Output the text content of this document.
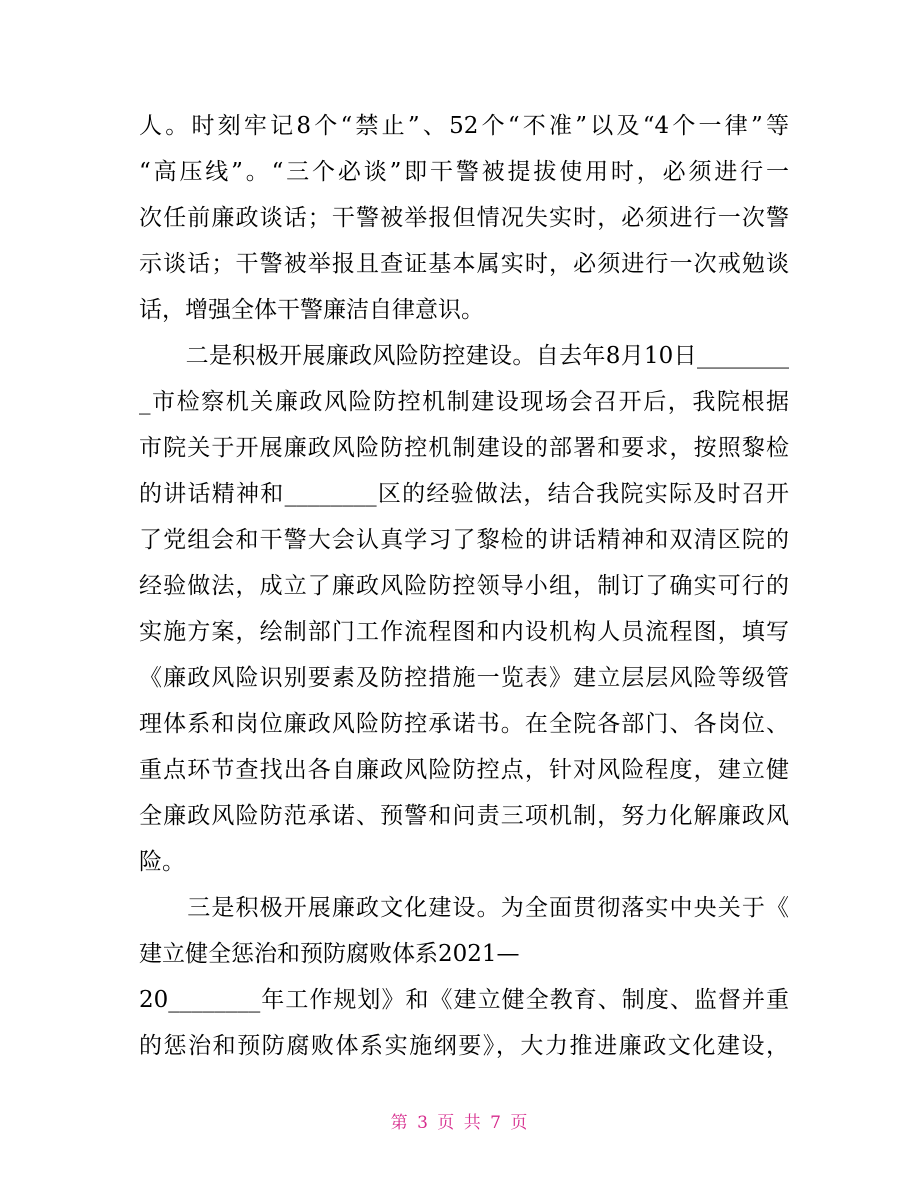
人。时刻牢记8个“禁止”、52个“不准”以及“4个一律”等
“高压线”。“三个必谈”即干警被提拔使用时，必须进行一
次任前廉政谈话；干警被举报但情况失实时，必须进行一次警
示谈话；干警被举报且查证基本属实时，必须进行一次戒勉谈
话，增强全体干警廉洁自律意识。
　　二是积极开展廉政风险防控建设。自去年8月10日________
_市检察机关廉政风险防控机制建设现场会召开后，我院根据
市院关于开展廉政风险防控机制建设的部署和要求，按照黎检
的讲话精神和________区的经验做法，结合我院实际及时召开
了党组会和干警大会认真学习了黎检的讲话精神和双清区院的
经验做法，成立了廉政风险防控领导小组，制订了确实可行的
实施方案，绘制部门工作流程图和内设机构人员流程图，填写
《廉政风险识别要素及防控措施一览表》建立层层风险等级管
理体系和岗位廉政风险防控承诺书。在全院各部门、各岗位、
重点环节查找出各自廉政风险防控点，针对风险程度，建立健
全廉政风险防范承诺、预警和问责三项机制，努力化解廉政风
险。
　　三是积极开展廉政文化建设。为全面贯彻落实中央关于《
建立健全惩治和预防腐败体系2021—
20________年工作规划》和《建立健全教育、制度、监督并重
的惩治和预防腐败体系实施纲要》，大力推进廉政文化建设，
第 3 页 共 7 页
